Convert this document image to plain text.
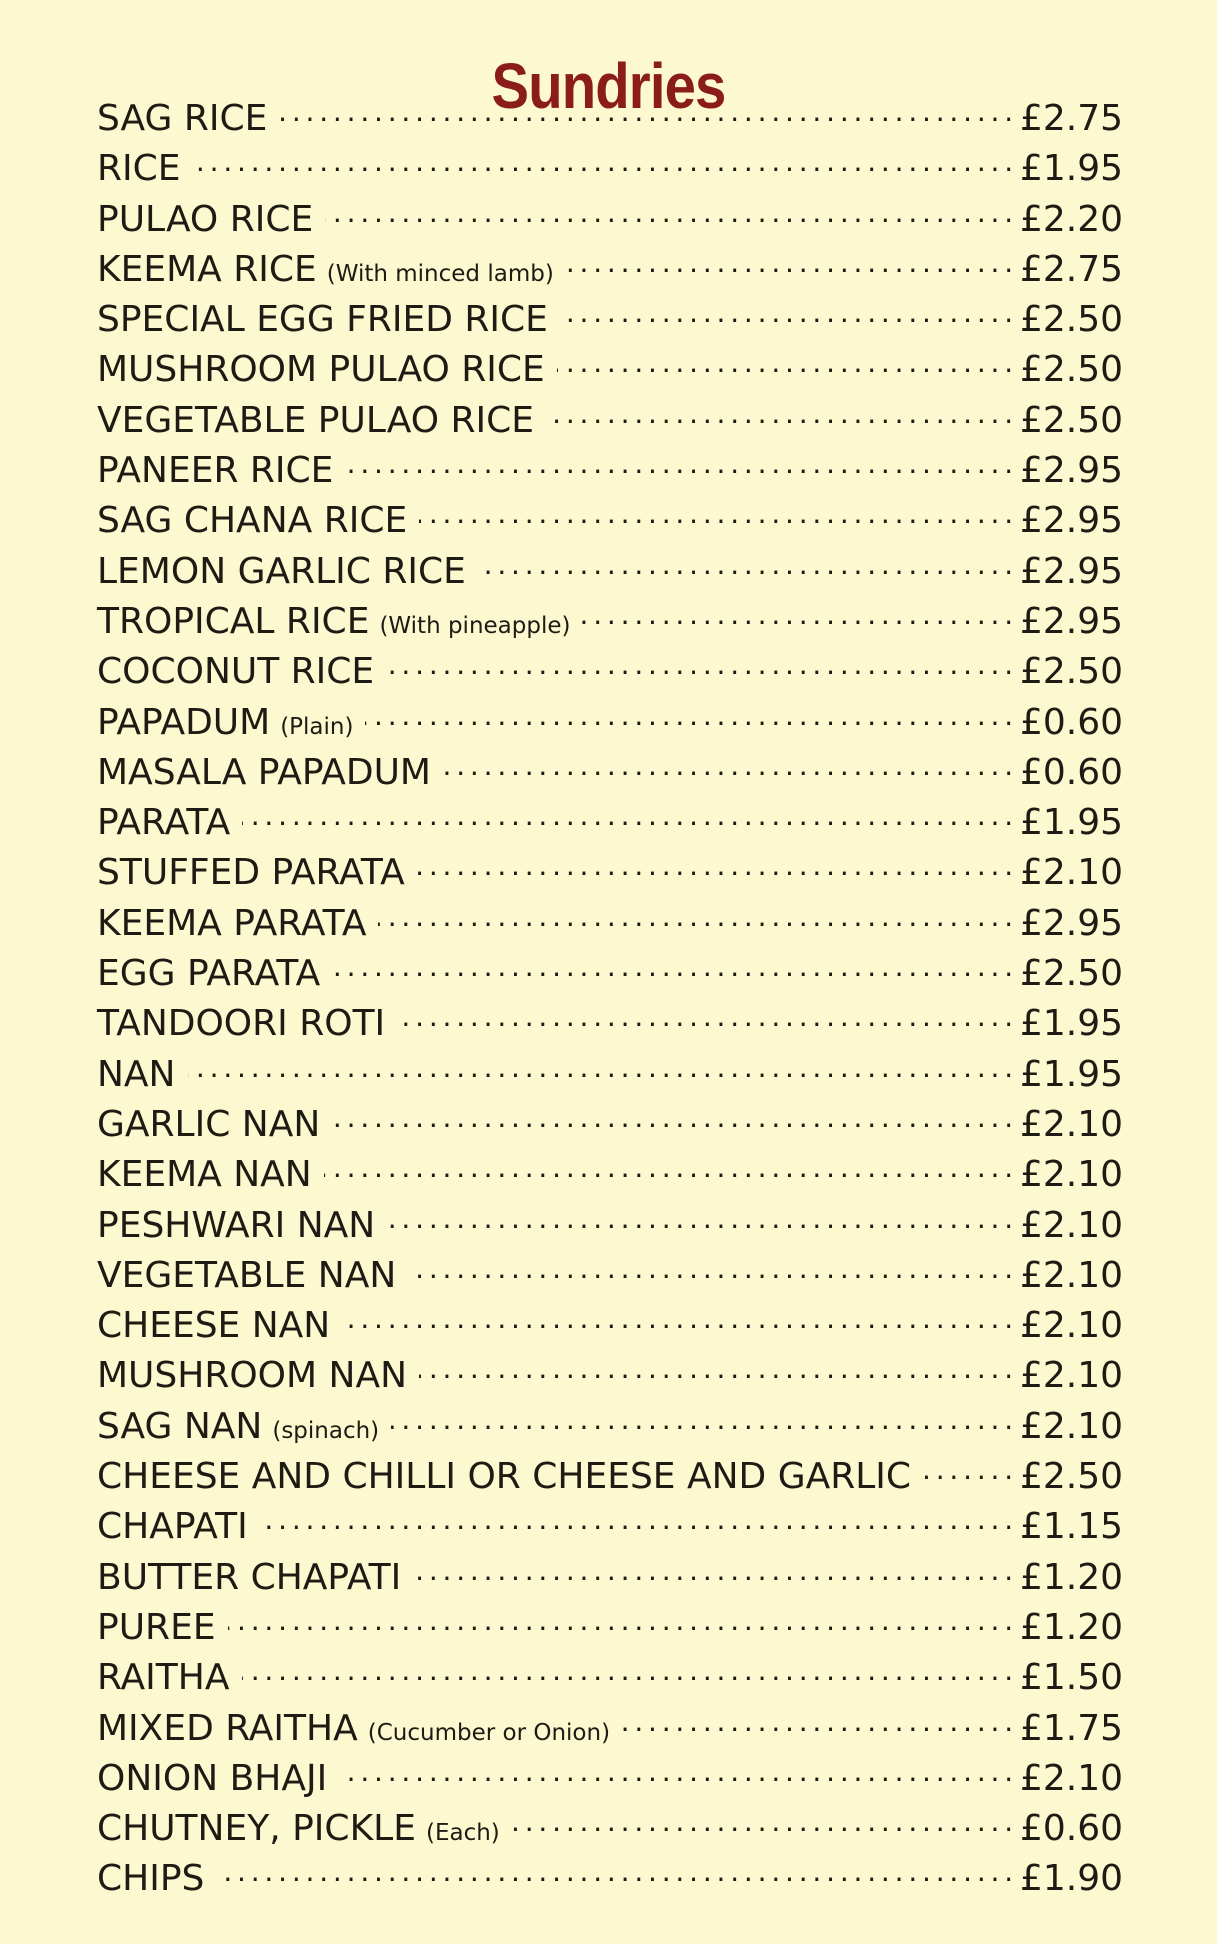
Sundries
SAG RICE .....	£2.75
RICE .....	£1.95
PULAO RICE .....	£2.20
KEEMA RICE (With minced lamb) .....	£2.75
SPECIAL EGG FRIED RICE .....	£2.50
MUSHROOM PULAO RICE .....	£2.50
VEGETABLE PULAO RICE .....	£2.50
PANEER RICE .....	£2.95
SAG CHANA RICE .....	£2.95
LEMON GARLIC RICE .....	£2.95
TROPICAL RICE (With pineapple) .....	£2.95
COCONUT RICE .....	£2.50
PAPADUM (Plain) .....	£0.60
MASALA PAPADUM .....	£0.60
PARATA .....	£1.95
STUFFED PARATA .....	£2.10
KEEMA PARATA .....	£2.95
EGG PARATA .....	£2.50
TANDOORI ROTI .....	£1.95
NAN .....	£1.95
GARLIC NAN .....	£2.10
KEEMA NAN .....	£2.10
PESHWARI NAN .....	£2.10
VEGETABLE NAN .....	£2.10
CHEESE NAN .....	£2.10
MUSHROOM NAN .....	£2.10
SAG NAN (spinach) .....	£2.10
CHEESE AND CHILLI OR CHEESE AND GARLIC .....	£2.50
CHAPATI .....	£1.15
BUTTER CHAPATI .....	£1.20
PUREE .....	£1.20
RAITHA .....	£1.50
MIXED RAITHA (Cucumber or Onion) .....	£1.75
ONION BHAJI .....	£2.10
CHUTNEY, PICKLE (Each) .....	£0.60
CHIPS .....	£1.90
